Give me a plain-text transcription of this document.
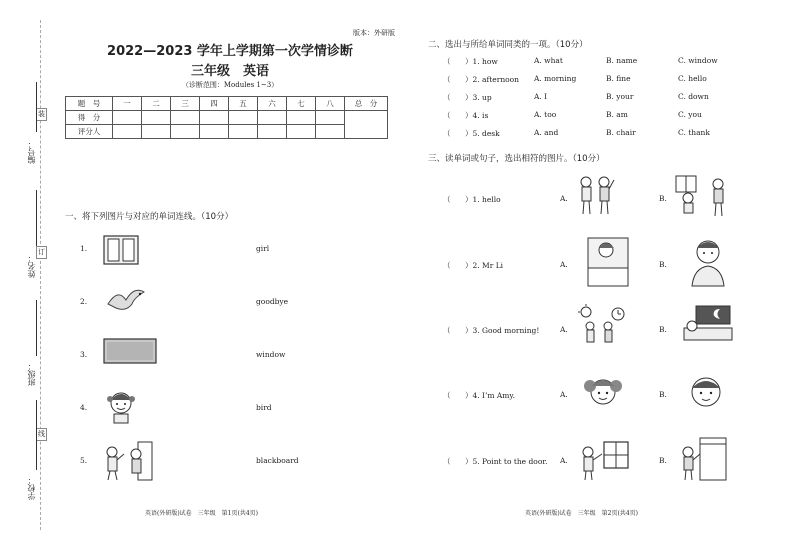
装
订
线
编号：
姓名：
班级：
学校：
版本：外研版
2022—2023 学年上学期第一次学情诊断
三年级　英语
（诊断范围：Modules 1~3）
题　号	一	二	三	四	五	六	七	八	总　分
得　分									
评分人									
一、将下列图片与对应的单词连线。（10分）
1.	girl
2.	goodbye
3.	window
4.	bird
5.	blackboard
二、选出与所给单词同类的一项。（10分）
（ ）1. how	A. what	B. name	C. window
（ ）2. afternoon A. morning	B. fine	C. hello
（ ）3. up	A. I	B. your	C. down
（ ）4. is	A. too	B. am	C. you
（ ）5. desk	A. and	B. chair	C. thank
三、读单词或句子，选出相符的图片。（10分）
（ ）1. hello	A.	B.
（ ）2. Mr Li	A.	B.
（ ）3. Good morning!	A.	B.
（ ）4. I’m Amy.	A.	B.
（ ）5. Point to the door. A.	B.
英语(外研版)试卷　三年级　第1页(共4页)	英语(外研版)试卷　三年级　第2页(共4页)
